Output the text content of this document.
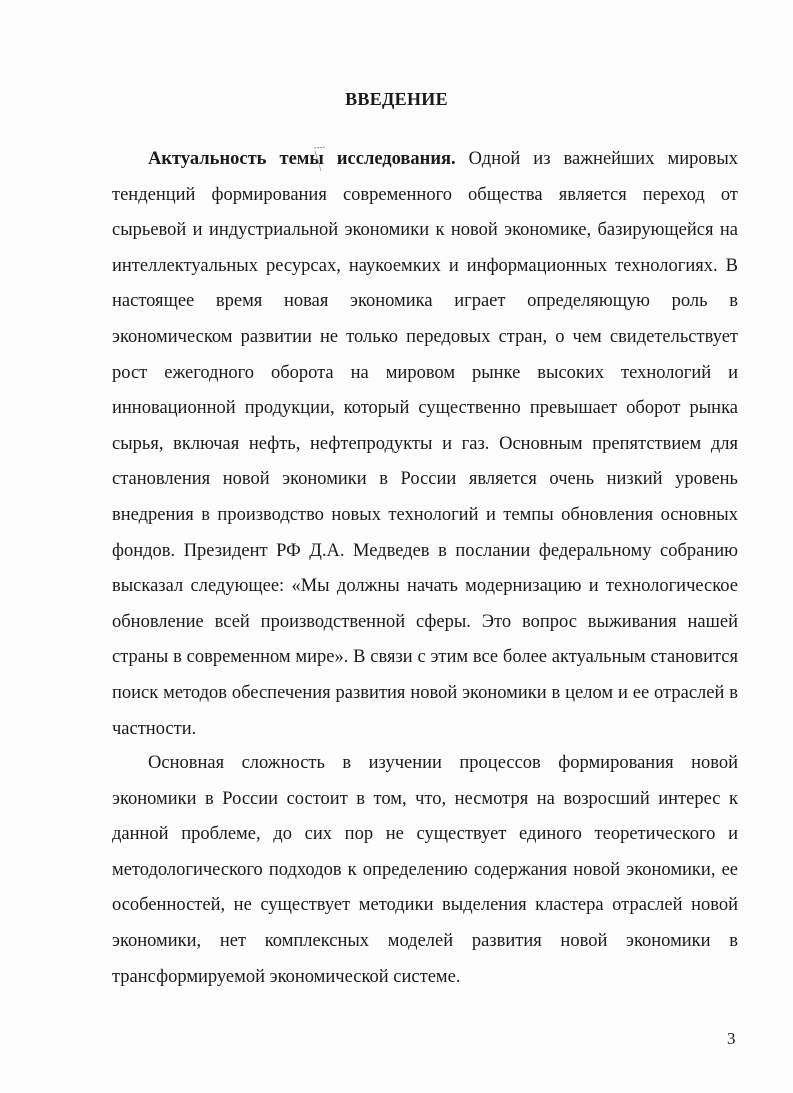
ВВЕДЕНИЕ

Актуальность темы исследования. Одной из важнейших мировых тенденций формирования современного общества является переход от сырьевой и индустриальной экономики к новой экономике, базирующейся на интеллектуальных ресурсах, наукоемких и информационных технологиях. В настоящее время новая экономика играет определяющую роль в экономическом развитии не только передовых стран, о чем свидетельствует рост ежегодного оборота на мировом рынке высоких технологий и инновационной продукции, который существенно превышает оборот рынка сырья, включая нефть, нефтепродукты и газ. Основным препятствием для становления новой экономики в России является очень низкий уровень внедрения в производство новых технологий и темпы обновления основных фондов. Президент РФ Д.А. Медведев в послании федеральному собранию высказал следующее: «Мы должны начать модернизацию и технологическое обновление всей производственной сферы. Это вопрос выживания нашей страны в современном мире». В связи с этим все более актуальным становится поиск методов обеспечения развития новой экономики в целом и ее отраслей в частности.

Основная сложность в изучении процессов формирования новой экономики в России состоит в том, что, несмотря на возросший интерес к данной проблеме, до сих пор не существует единого теоретического и методологического подходов к определению содержания новой экономики, ее особенностей, не существует методики выделения кластера отраслей новой экономики, нет комплексных моделей развития новой экономики в трансформируемой экономической системе.

3
